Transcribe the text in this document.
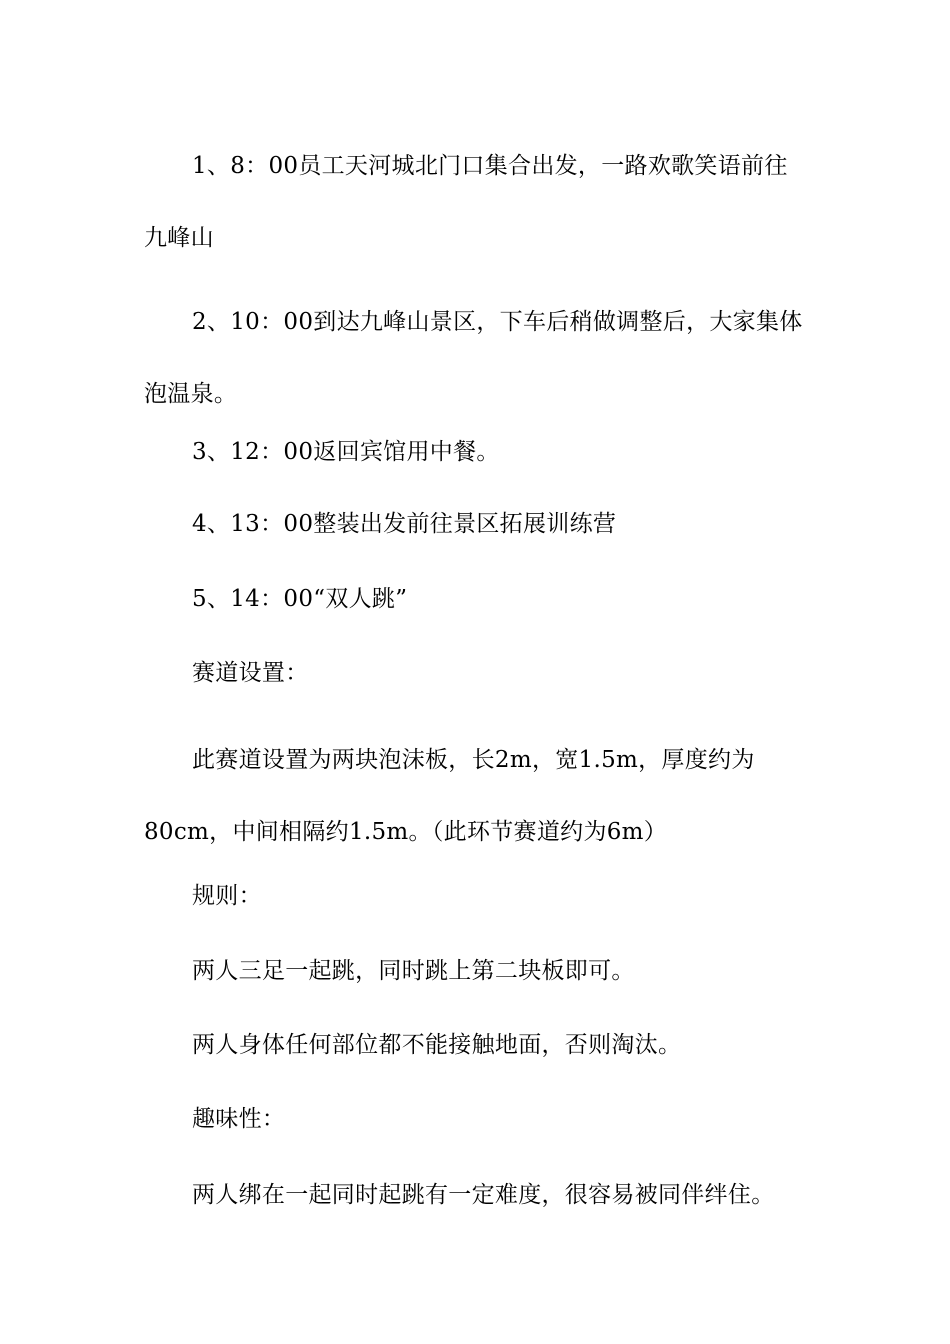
1、8：00员工天河城北门口集合出发，一路欢歌笑语前往九峰山

2、10：00到达九峰山景区，下车后稍做调整后，大家集体泡温泉。

3、12：00返回宾馆用中餐。

4、13：00整装出发前往景区拓展训练营

5、14：00“双人跳”

赛道设置：

此赛道设置为两块泡沫板，长2m，宽1.5m，厚度约为80cm，中间相隔约1.5m。（此环节赛道约为6m）

规则：

两人三足一起跳，同时跳上第二块板即可。

两人身体任何部位都不能接触地面，否则淘汰。

趣味性：

两人绑在一起同时起跳有一定难度，很容易被同伴绊住。
